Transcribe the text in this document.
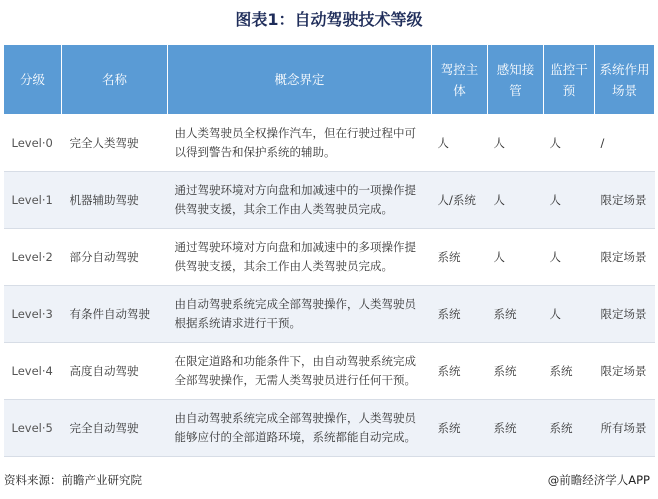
图表1：自动驾驶技术等级
分级	名称	概念界定	驾控主体	感知接管	监控干预	系统作用场景
Level·0	完全人类驾驶	由人类驾驶员全权操作汽车，但在行驶过程中可以得到警告和保护系统的辅助。	人	人	人	/
Level·1	机器辅助驾驶	通过驾驶环境对方向盘和加减速中的一项操作提供驾驶支援，其余工作由人类驾驶员完成。	人/系统	人	人	限定场景
Level·2	部分自动驾驶	通过驾驶环境对方向盘和加减速中的多项操作提供驾驶支援，其余工作由人类驾驶员完成。	系统	人	人	限定场景
Level·3	有条件自动驾驶	由自动驾驶系统完成全部驾驶操作，人类驾驶员根据系统请求进行干预。	系统	系统	人	限定场景
Level·4	高度自动驾驶	在限定道路和功能条件下，由自动驾驶系统完成全部驾驶操作，无需人类驾驶员进行任何干预。	系统	系统	系统	限定场景
Level·5	完全自动驾驶	由自动驾驶系统完成全部驾驶操作，人类驾驶员能够应付的全部道路环境，系统都能自动完成。	系统	系统	系统	所有场景
资料来源：前瞻产业研究院	@前瞻经济学人APP
